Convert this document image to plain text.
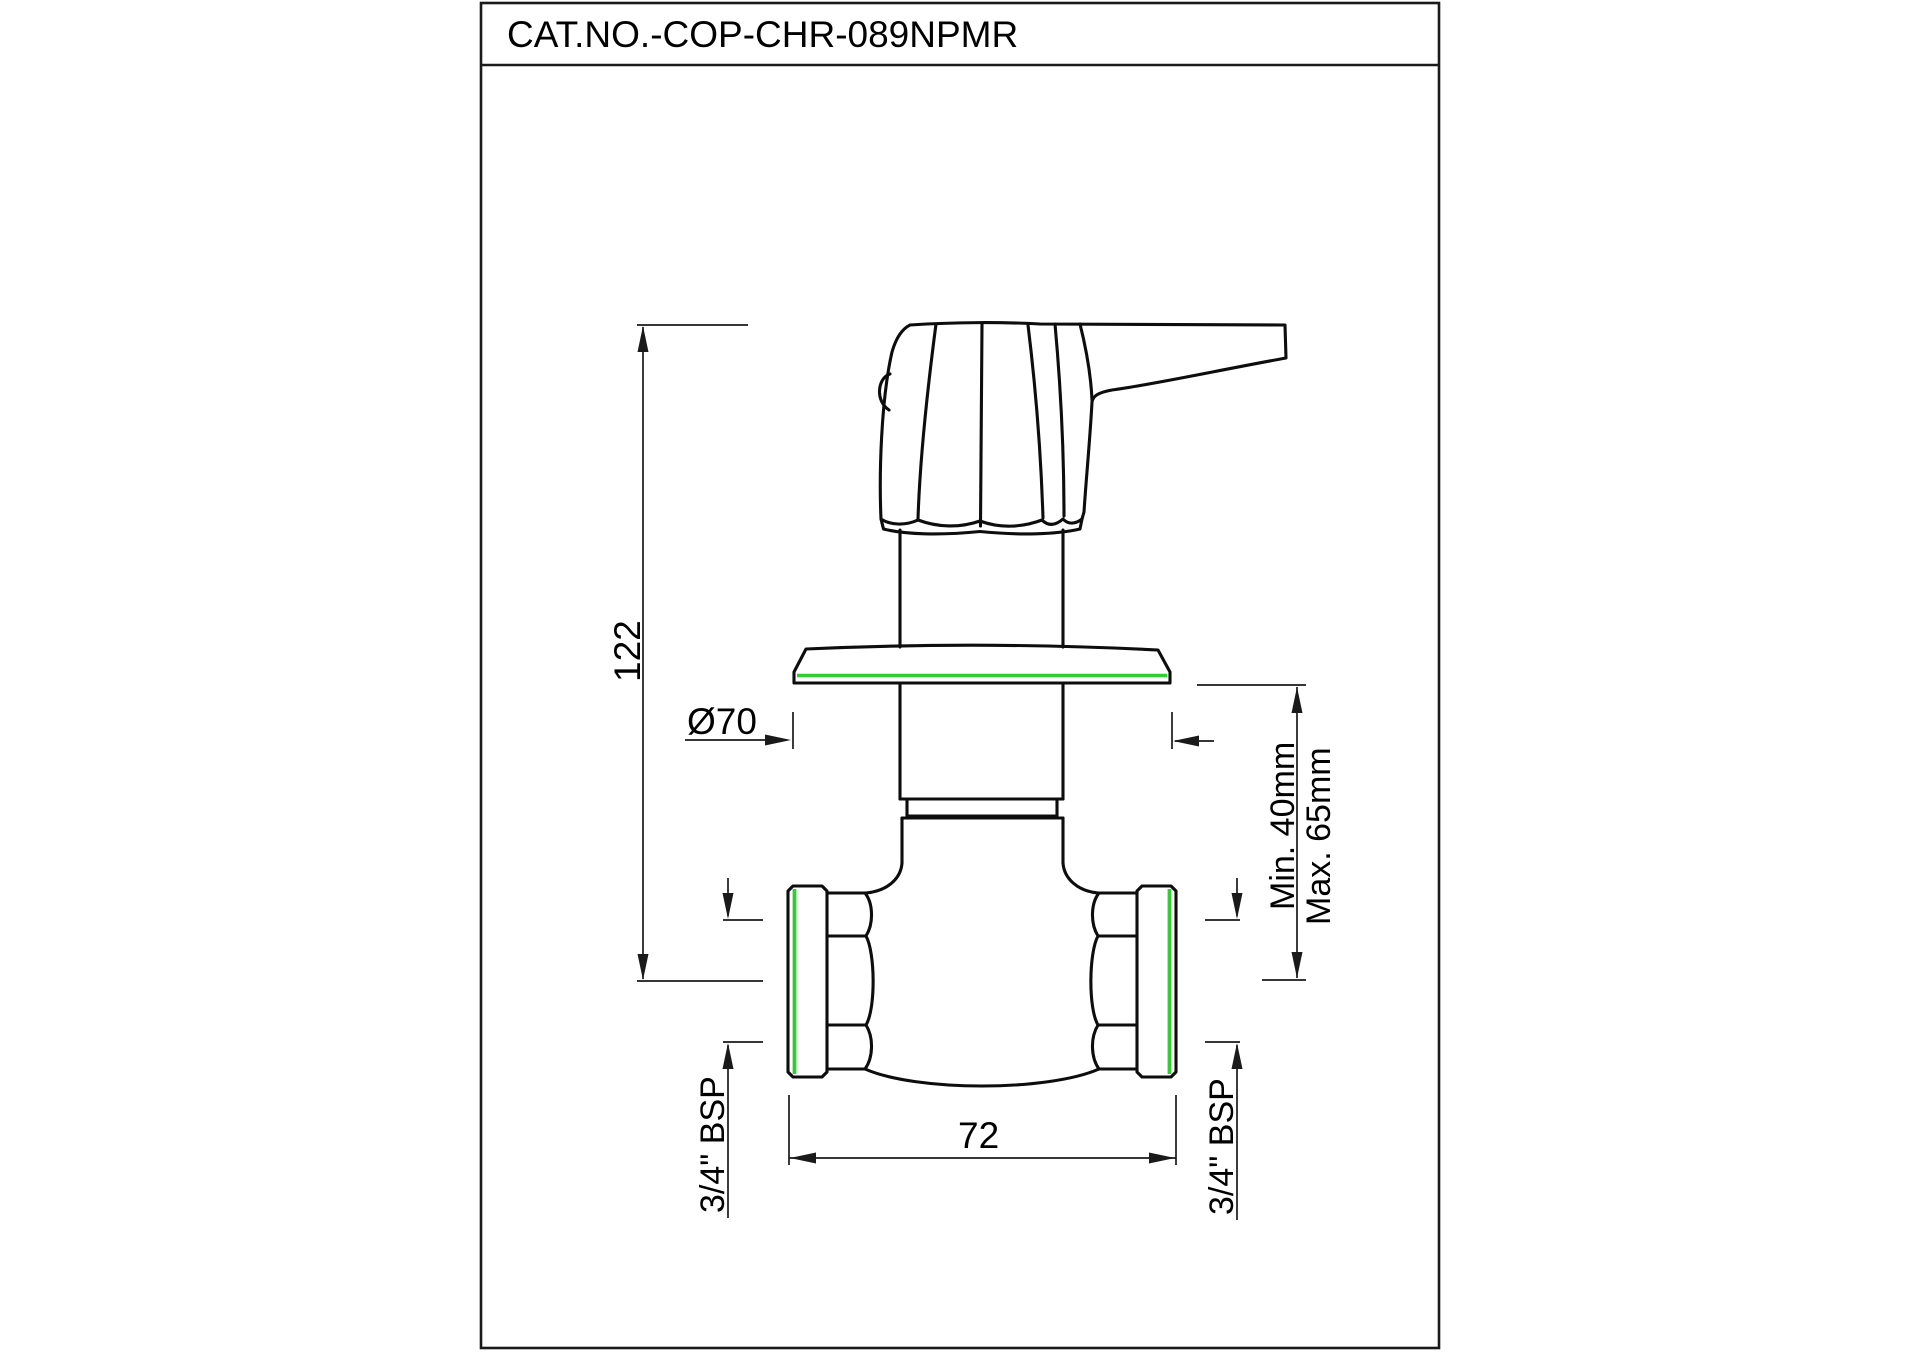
CAT.NO.-COP-CHR-089NPMR
122
Ø70
Min. 40mm
Max. 65mm
3/4" BSP	3/4" BSP
72
